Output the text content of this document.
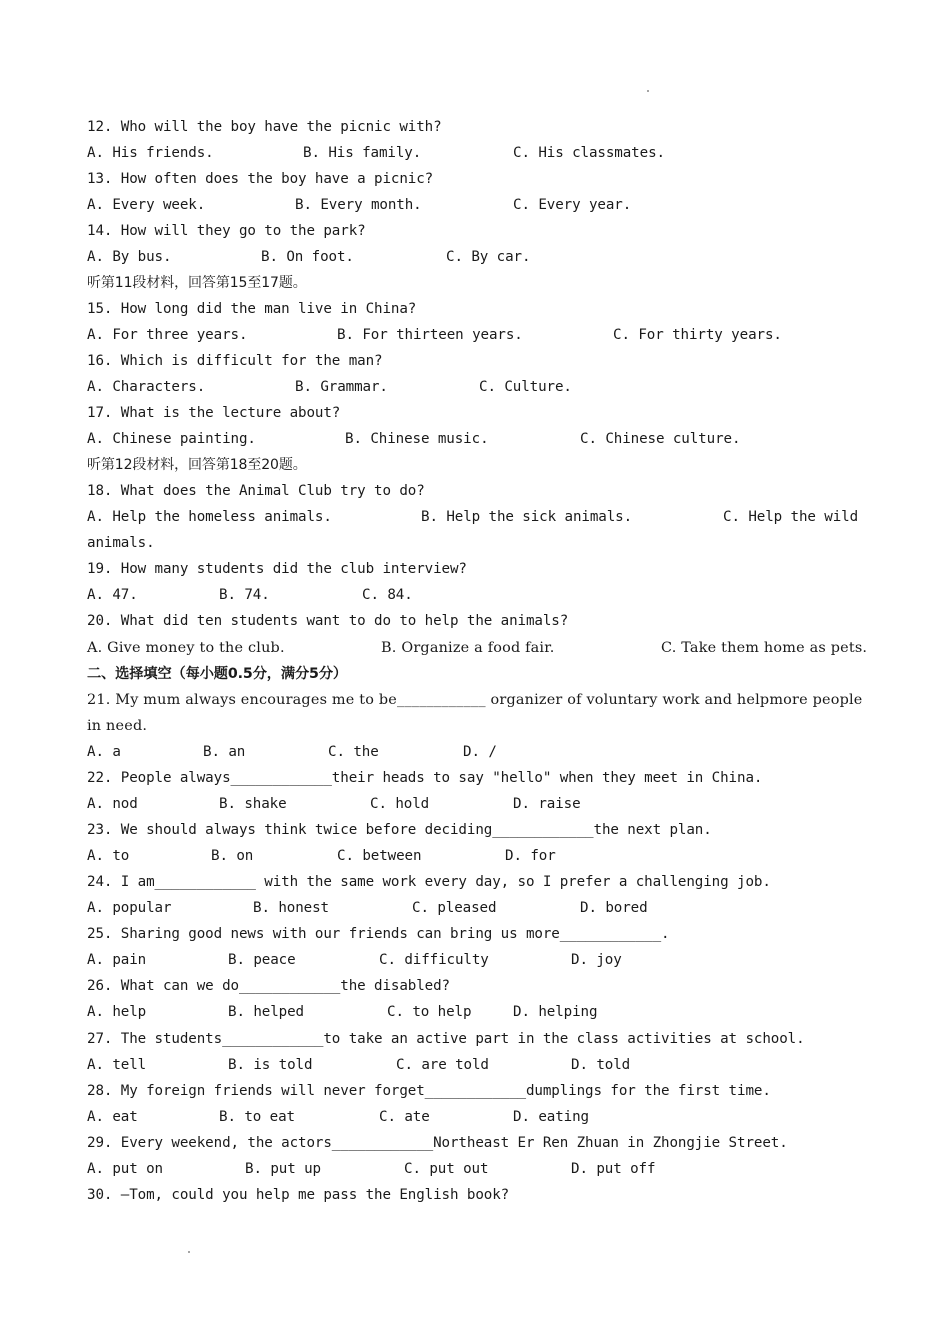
12. Who will the boy have the picnic with?

A. His friends.

	B. His family.

	C. His classmates.

13. How often does the boy have a picnic?

A. Every week.

	B. Every month.

	C. Every year.

14. How will they go to the park?

A. By bus.

	B. On foot.

	C. By car.

听第11段材料，回答第15至17题。
15. How long did the man live in China?

A. For three years.

	B. For thirteen years.

	C. For thirty years.

16. Which is difficult for the man?

A. Characters.

	B. Grammar.

	C. Culture.

17. What is the lecture about?

A. Chinese painting.

	B. Chinese music.

	C. Chinese culture.

听第12段材料，回答第18至20题。
18. What does the Animal Club try to do?

A. Help the homeless animals.

	B. Help the sick animals.

	C. Help the wild

animals.
19. How many students did the club interview?

A. 47.

	B. 74.

	C. 84.

20. What did ten students want to do to help the animals?

A. Give money to the club.

	B. Organize a food fair.

	C. Take them home as pets.

二、选择填空（每小题0.5分，满分5分）
21. My mum always encourages me to be____________ organizer of voluntary work and helpmore people
in need.

A. a

	B. an

	C. the

	D. /

22. People always____________their heads to say "hello" when they meet in China.

A. nod

	B. shake

	C. hold

	D. raise

23. We should always think twice before deciding____________the next plan.

A. to

	B. on

	C. between

	D. for

24. I am____________ with the same work every day, so I prefer a challenging job.

A. popular

	B. honest

	C. pleased

	D. bored

25. Sharing good news with our friends can bring us more____________.

A. pain

	B. peace

	C. difficulty

	D. joy

26. What can we do____________the disabled?

A. help

	B. helped

	C. to help

	D. helping

27. The students____________to take an active part in the class activities at school.

A. tell

	B. is told

	C. are told

	D. told

28. My foreign friends will never forget____________dumplings for the first time.

A. eat

	B. to eat

	C. ate

	D. eating

29. Every weekend, the actors____________Northeast Er Ren Zhuan in Zhongjie Street.

A. put on

	B. put up

	C. put out

	D. put off

30. —Tom, could you help me pass the English book?
